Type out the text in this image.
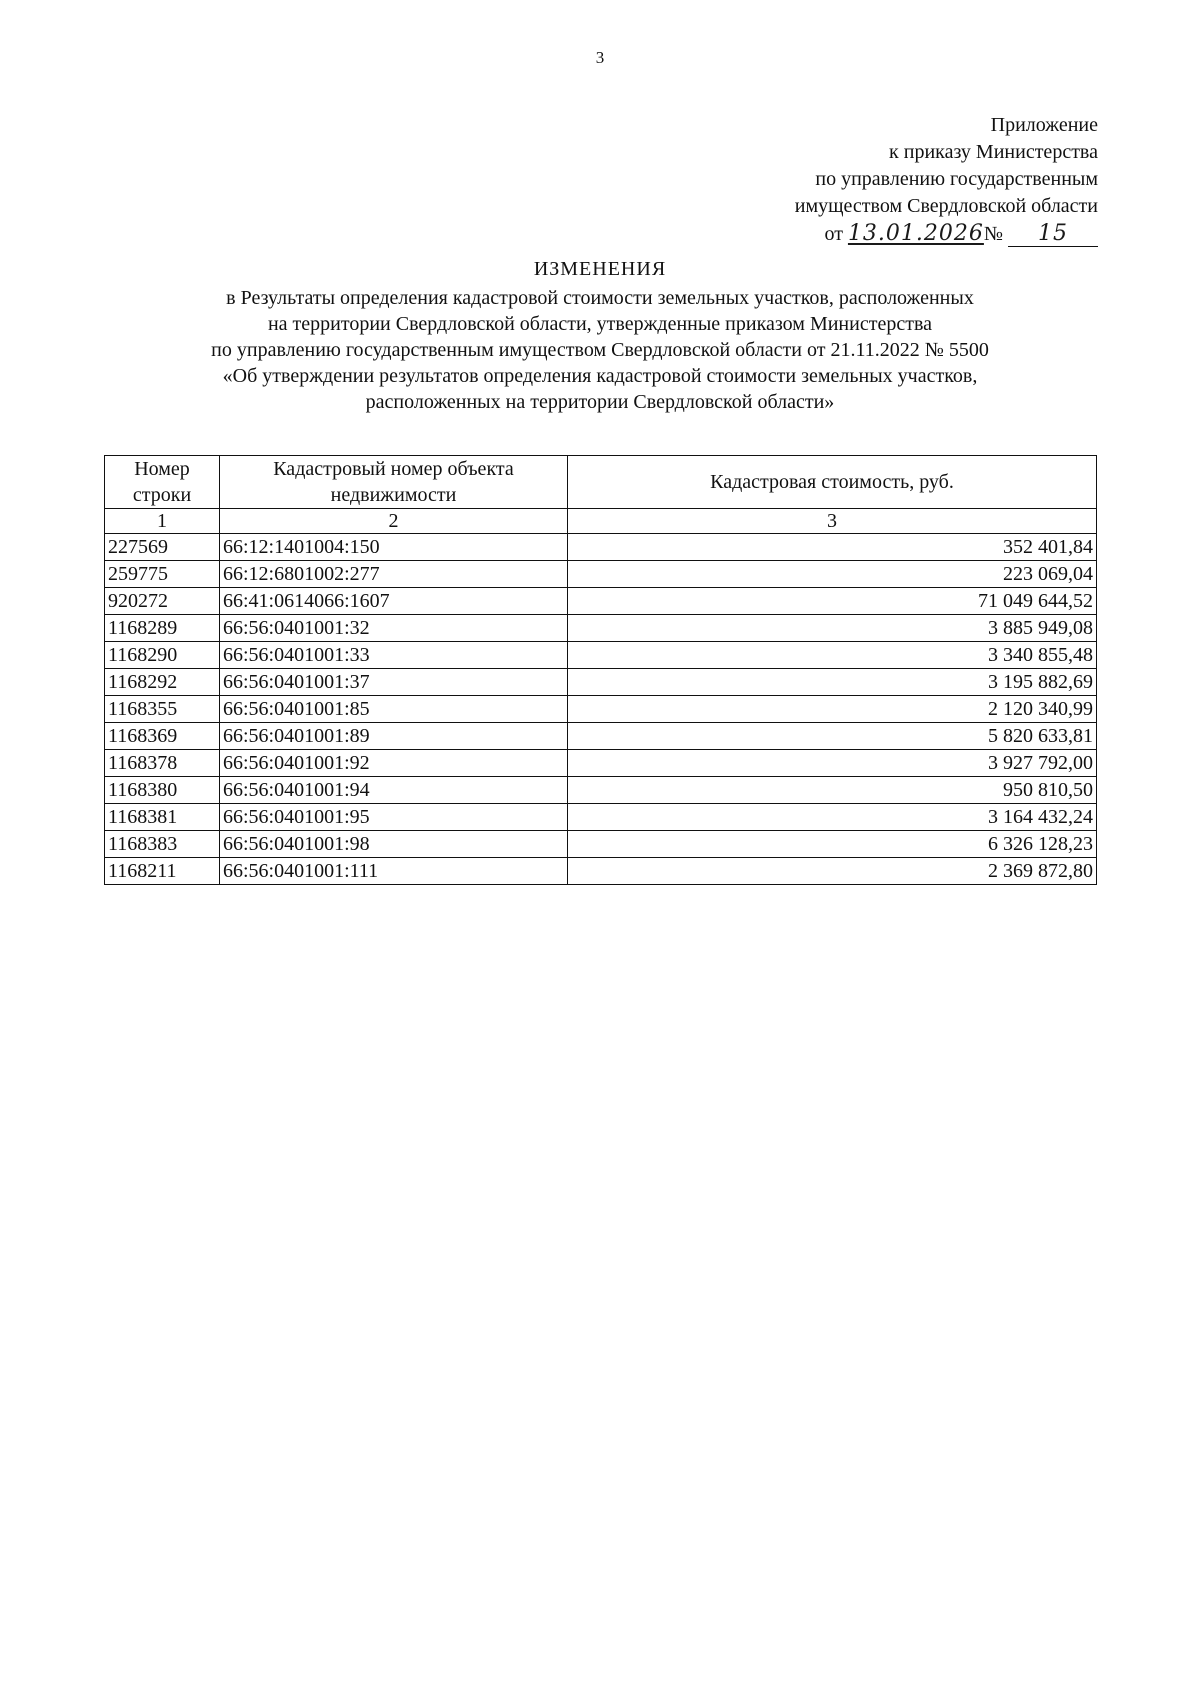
3
Приложение
к приказу Министерства
по управлению государственным
имуществом Свердловской области
от 13.01.2026№ 15
ИЗМЕНЕНИЯ
в Результаты определения кадастровой стоимости земельных участков, расположенных
на территории Свердловской области, утвержденные приказом Министерства
по управлению государственным имуществом Свердловской области от 21.11.2022 № 5500
«Об утверждении результатов определения кадастровой стоимости земельных участков,
расположенных на территории Свердловской области»
Номер строки	Кадастровый номер объекта недвижимости	Кадастровая стоимость, руб.
1	2	3
227569	66:12:1401004:150	352 401,84
259775	66:12:6801002:277	223 069,04
920272	66:41:0614066:1607	71 049 644,52
1168289	66:56:0401001:32	3 885 949,08
1168290	66:56:0401001:33	3 340 855,48
1168292	66:56:0401001:37	3 195 882,69
1168355	66:56:0401001:85	2 120 340,99
1168369	66:56:0401001:89	5 820 633,81
1168378	66:56:0401001:92	3 927 792,00
1168380	66:56:0401001:94	950 810,50
1168381	66:56:0401001:95	3 164 432,24
1168383	66:56:0401001:98	6 326 128,23
1168211	66:56:0401001:111	2 369 872,80
